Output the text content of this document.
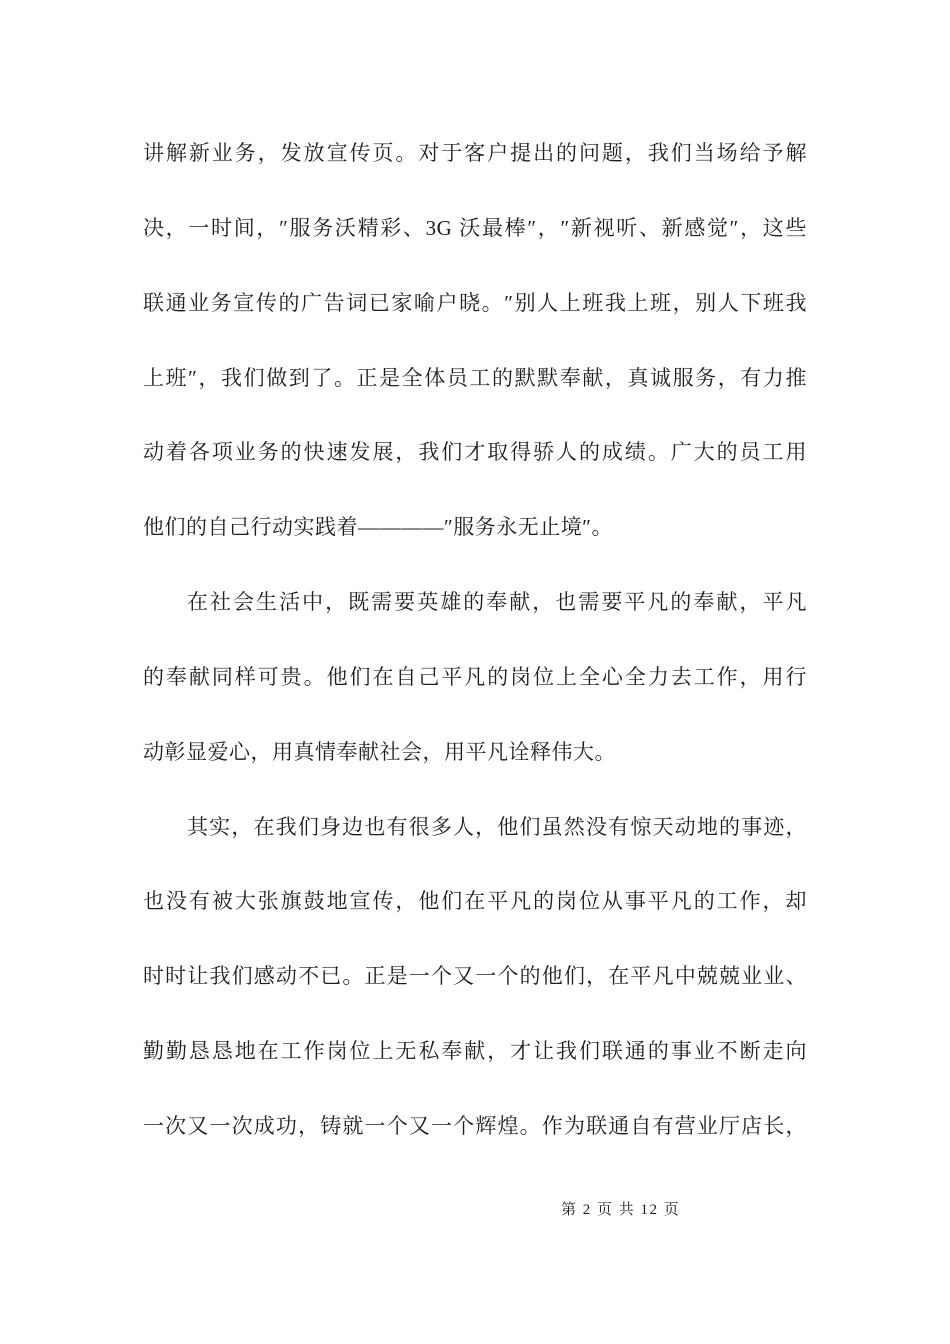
讲解新业务，发放宣传页。对于客户提出的问题，我们当场给予解
决，一时间，″服务沃精彩、3G 沃最棒″，″新视听、新感觉″，这些
联通业务宣传的广告词已家喻户晓。″别人上班我上班，别人下班我
上班″，我们做到了。正是全体员工的默默奉献，真诚服务，有力推
动着各项业务的快速发展，我们才取得骄人的成绩。广大的员工用
他们的自己行动实践着————″服务永无止境″。
在社会生活中，既需要英雄的奉献，也需要平凡的奉献，平凡
的奉献同样可贵。他们在自己平凡的岗位上全心全力去工作，用行
动彰显爱心，用真情奉献社会，用平凡诠释伟大。
其实，在我们身边也有很多人，他们虽然没有惊天动地的事迹，
也没有被大张旗鼓地宣传，他们在平凡的岗位从事平凡的工作，却
时时让我们感动不已。正是一个又一个的他们，在平凡中兢兢业业、
勤勤恳恳地在工作岗位上无私奉献，才让我们联通的事业不断走向
一次又一次成功，铸就一个又一个辉煌。作为联通自有营业厅店长，
第 2 页 共 12 页
